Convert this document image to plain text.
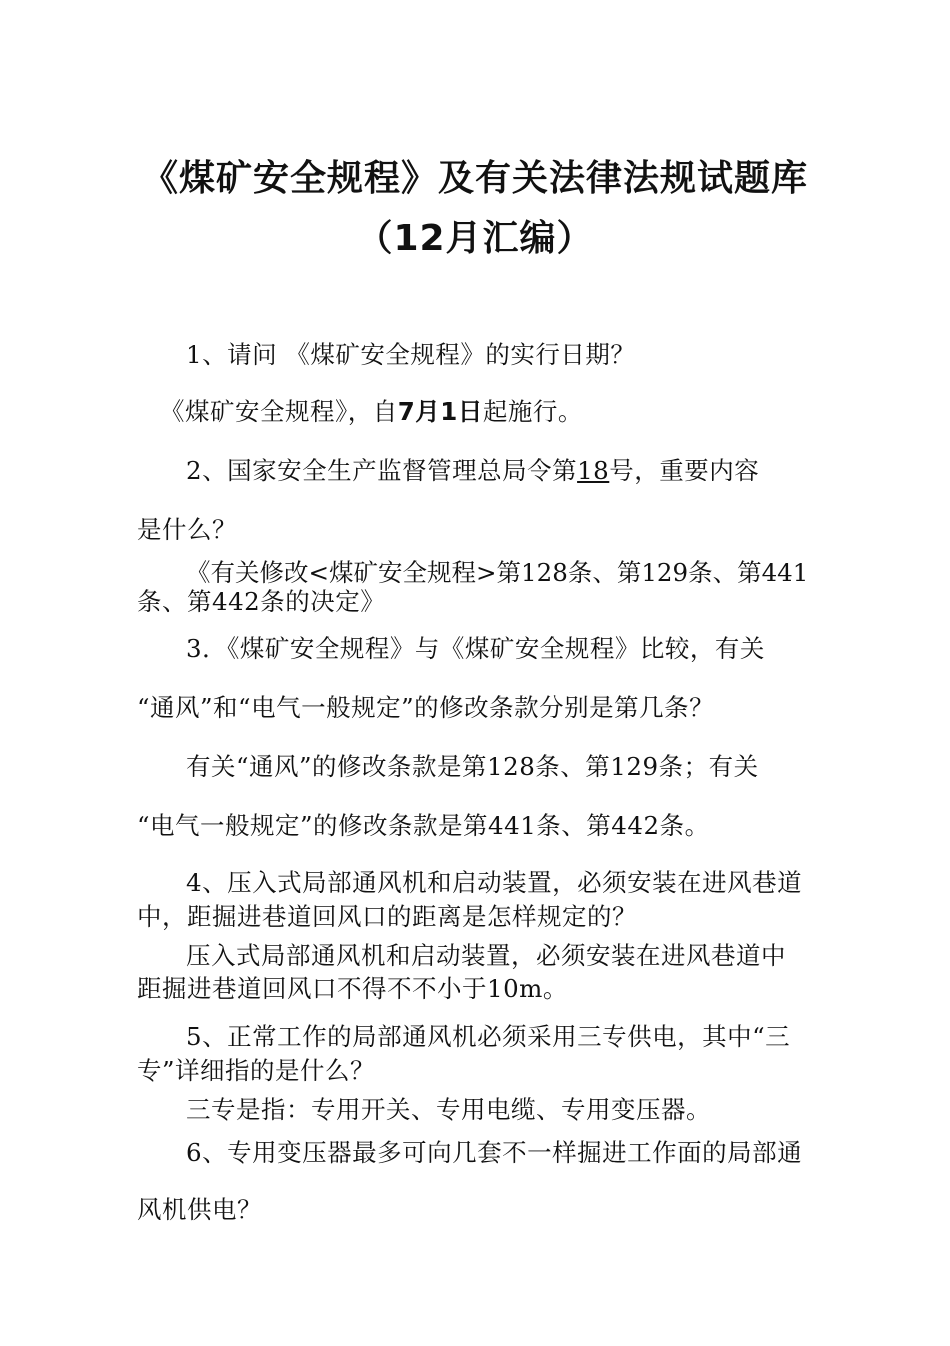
《煤矿安全规程》及有关法律法规试题库
（12月汇编）
1、请问 《煤矿安全规程》的实行日期？
《煤矿安全规程》，自7月1日起施行。
2、国家安全生产监督管理总局令第18号，重要内容
是什么？
《有关修改<煤矿安全规程>第128条、第129条、第441
条、第442条的决定》
3．《煤矿安全规程》与《煤矿安全规程》比较，有关
“通风”和“电气一般规定”的修改条款分别是第几条？
有关“通风”的修改条款是第128条、第129条；有关
“电气一般规定”的修改条款是第441条、第442条。
4、压入式局部通风机和启动装置，必须安装在进风巷道
中，距掘进巷道回风口的距离是怎样规定的？
压入式局部通风机和启动装置，必须安装在进风巷道中
距掘进巷道回风口不得不不小于10m。
5、正常工作的局部通风机必须采用三专供电，其中“三
专”详细指的是什么？
三专是指：专用开关、专用电缆、专用变压器。
6、专用变压器最多可向几套不一样掘进工作面的局部通
风机供电？
